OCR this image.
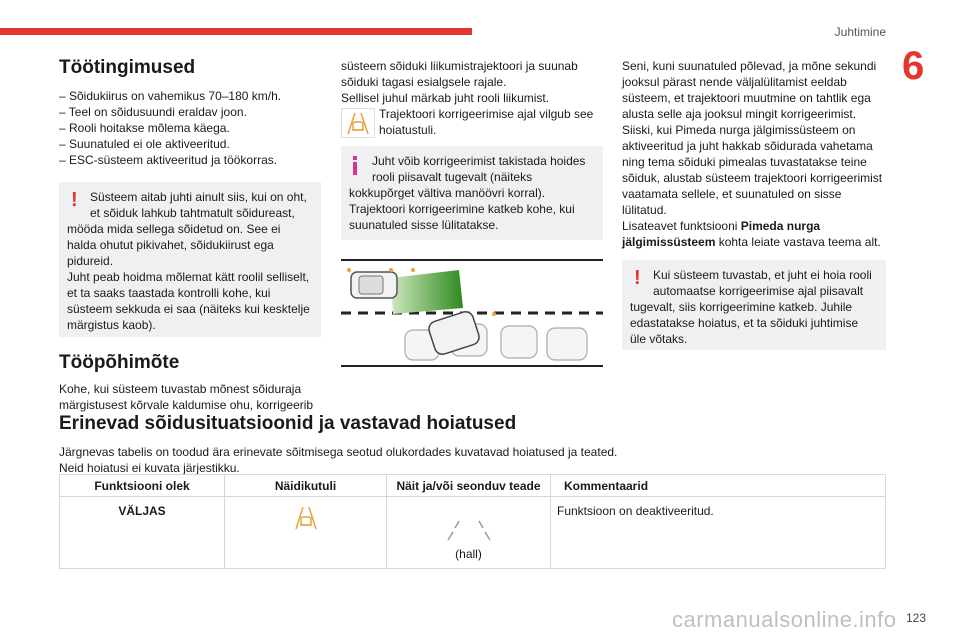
Juhtimine
6
Töötingimused
– Sõidukiirus on vahemikus 70–180 km/h.
– Teel on sõidusuundi eraldav joon.
– Rooli hoitakse mõlema käega.
– Suunatuled ei ole aktiveeritud.
– ESC-süsteem aktiveeritud ja töökorras.
!	Süsteem aitab juhti ainult siis, kui on oht,
et sõiduk lahkub tahtmatult sõidureast,
mööda mida sellega sõidetud on. See ei
halda ohutut pikivahet, sõidukiirust ega
pidureid.
Juht peab hoidma mõlemat kätt roolil selliselt,
et ta saaks taastada kontrolli kohe, kui
süsteem sekkuda ei saa (näiteks kui kesktelje
märgistus kaob).
Tööpõhimõte
Kohe, kui süsteem tuvastab mõnest sõiduraja
märgistusest kõrvale kaldumise ohu, korrigeerib
süsteem sõiduki liikumistrajektoori ja suunab
sõiduki tagasi esialgsele rajale.
Sellisel juhul märkab juht rooli liikumist.
Trajektoori korrigeerimise ajal vilgub see
hoiatustuli.
Juht võib korrigeerimist takistada hoides
rooli piisavalt tugevalt (näiteks
kokkupõrget vältiva manöövri korral).
Trajektoori korrigeerimine katkeb kohe, kui
suunatuled sisse lülitatakse.
Seni, kuni suunatuled põlevad, ja mõne sekundi
jooksul pärast nende väljalülitamist eeldab
süsteem, et trajektoori muutmine on tahtlik ega
alusta selle aja jooksul mingit korrigeerimist.
Siiski, kui Pimeda nurga jälgimissüsteem on
aktiveeritud ja juht hakkab sõidurada vahetama
ning tema sõiduki pimealas tuvastatakse teine
sõiduk, alustab süsteem trajektoori korrigeerimist
vaatamata sellele, et suunatuled on sisse
lülitatud.
Lisateavet funktsiooni Pimeda nurga
jälgimissüsteem kohta leiate vastava teema alt.
!	Kui süsteem tuvastab, et juht ei hoia rooli
automaatse korrigeerimise ajal piisavalt
tugevalt, siis korrigeerimine katkeb. Juhile
edastatakse hoiatus, et ta sõiduki juhtimise
üle võtaks.
Erinevad sõidusituatsioonid ja vastavad hoiatused
Järgnevas tabelis on toodud ära erinevate sõitmisega seotud olukordades kuvatavad hoiatused ja teated.
Neid hoiatusi ei kuvata järjestikku.
Funktsiooni olek	Näidikutuli	Näit ja/või seonduv teade	Kommentaarid
VÄLJAS		(hall)	Funktsioon on deaktiveeritud.
carmanualsonline.info 123
